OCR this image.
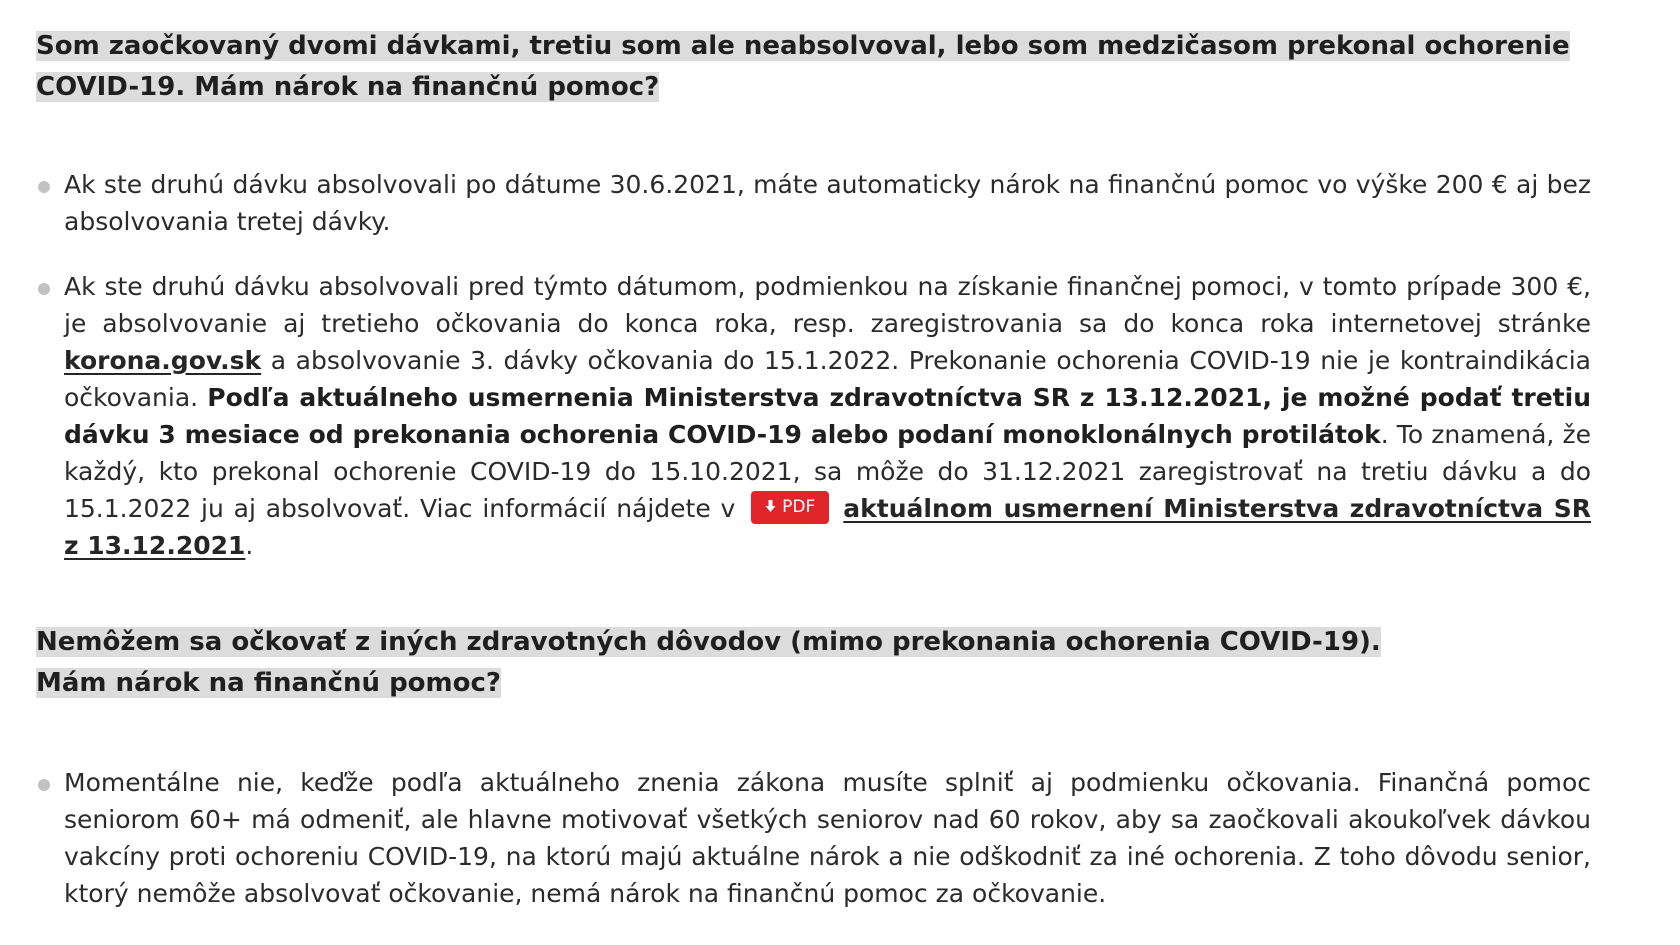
Som zaočkovaný dvomi dávkami, tretiu som ale neabsolvoval, lebo som medzičasom prekonal ochorenie COVID-19. Mám nárok na finančnú pomoc?
Ak ste druhú dávku absolvovali po dátume 30.6.2021, máte automaticky nárok na finančnú pomoc vo výške 200 € aj bez absolvovania tretej dávky.
Ak ste druhú dávku absolvovali pred týmto dátumom, podmienkou na získanie finančnej pomoci, v tomto prípade 300 €, je absolvovanie aj tretieho očkovania do konca roka, resp. zaregistrovania sa do konca roka internetovej stránke korona.gov.sk a absolvovanie 3. dávky očkovania do 15.1.2022. Prekonanie ochorenia COVID-19 nie je kontraindikácia očkovania. Podľa aktuálneho usmernenia Ministerstva zdravotníctva SR z 13.12.2021, je možné podať tretiu dávku 3 mesiace od prekonania ochorenia COVID-19 alebo podaní monoklonálnych protilátok. To znamená, že každý, kto prekonal ochorenie COVID-19 do 15.10.2021, sa môže do 31.12.2021 zaregistrovať na tretiu dávku a do 15.1.2022 ju aj absolvovať. Viac informácií nájdete v PDF aktuálnom usmernení Ministerstva zdravotníctva SR z 13.12.2021.
Nemôžem sa očkovať z iných zdravotných dôvodov (mimo prekonania ochorenia COVID-19). Mám nárok na finančnú pomoc?
Momentálne nie, keďže podľa aktuálneho znenia zákona musíte splniť aj podmienku očkovania. Finančná pomoc seniorom 60+ má odmeniť, ale hlavne motivovať všetkých seniorov nad 60 rokov, aby sa zaočkovali akoukoľvek dávkou vakcíny proti ochoreniu COVID-19, na ktorú majú aktuálne nárok a nie odškodniť za iné ochorenia. Z toho dôvodu senior, ktorý nemôže absolvovať očkovanie, nemá nárok na finančnú pomoc za očkovanie.
